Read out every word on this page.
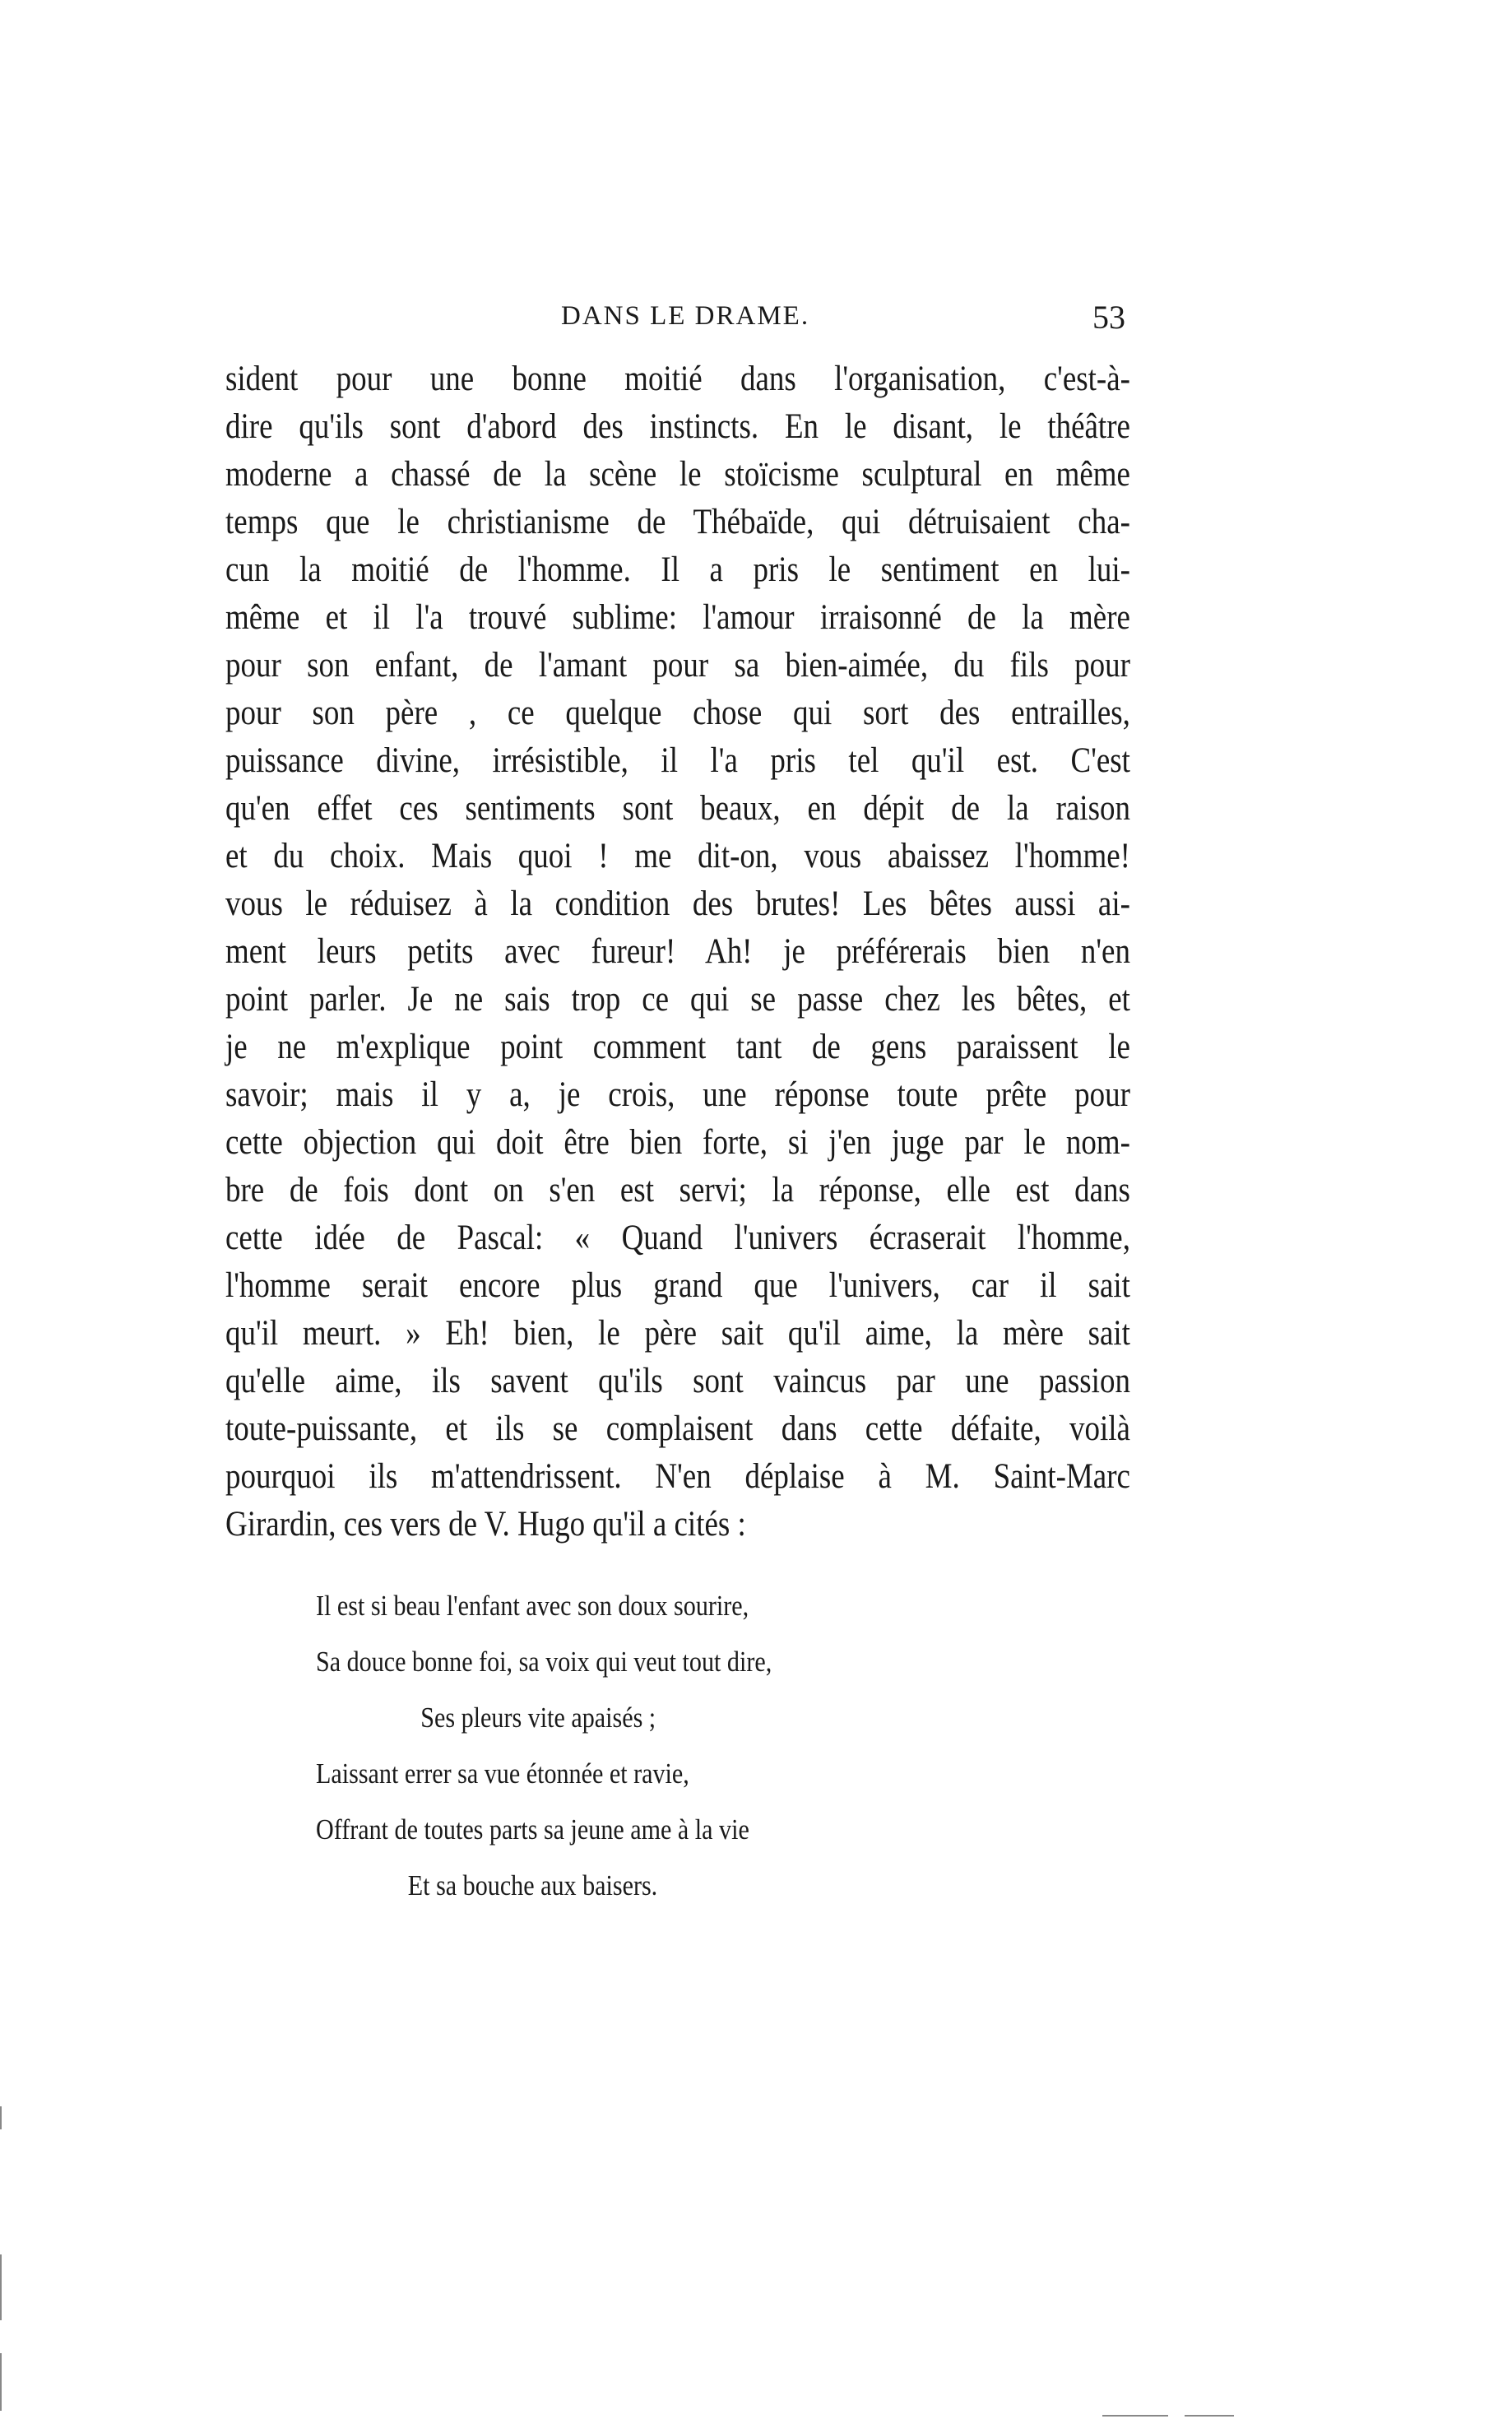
DANS LE DRAME.	53
sident pour une bonne moitié dans l'organisation, c'est-à-
dire qu'ils sont d'abord des instincts. En le disant, le théâtre
moderne a chassé de la scène le stoïcisme sculptural en même
temps que le christianisme de Thébaïde, qui détruisaient cha-
cun la moitié de l'homme. Il a pris le sentiment en lui-
même et il l'a trouvé sublime: l'amour irraisonné de la mère
pour son enfant, de l'amant pour sa bien-aimée, du fils pour
pour son père , ce quelque chose qui sort des entrailles,
puissance divine, irrésistible, il l'a pris tel qu'il est. C'est
qu'en effet ces sentiments sont beaux, en dépit de la raison
et du choix. Mais quoi ! me dit-on, vous abaissez l'homme!
vous le réduisez à la condition des brutes! Les bêtes aussi ai-
ment leurs petits avec fureur! Ah! je préférerais bien n'en
point parler. Je ne sais trop ce qui se passe chez les bêtes, et
je ne m'explique point comment tant de gens paraissent le
savoir; mais il y a, je crois, une réponse toute prête pour
cette objection qui doit être bien forte, si j'en juge par le nom-
bre de fois dont on s'en est servi; la réponse, elle est dans
cette idée de Pascal: « Quand l'univers écraserait l'homme,
l'homme serait encore plus grand que l'univers, car il sait
qu'il meurt. » Eh! bien, le père sait qu'il aime, la mère sait
qu'elle aime, ils savent qu'ils sont vaincus par une passion
toute-puissante, et ils se complaisent dans cette défaite, voilà
pourquoi ils m'attendrissent. N'en déplaise à M. Saint-Marc
Girardin, ces vers de V. Hugo qu'il a cités :
Il est si beau l'enfant avec son doux sourire,
Sa douce bonne foi, sa voix qui veut tout dire,
Ses pleurs vite apaisés ;
Laissant errer sa vue étonnée et ravie,
Offrant de toutes parts sa jeune ame à la vie
Et sa bouche aux baisers.
